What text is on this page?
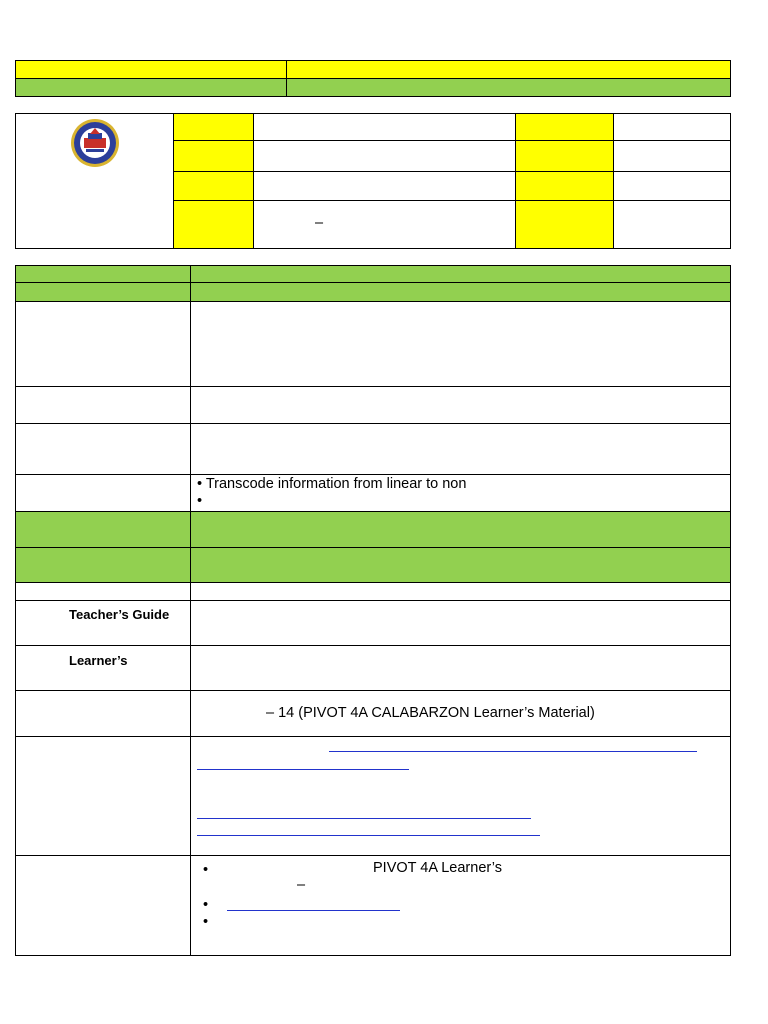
		–		

	• Transcode information from linear to non
•

Teacher’s Guide	

Learner’s	

	– 14 (PIVOT 4A CALABARZON Learner’s Material)

	• PIVOT 4A Learner’s
–
•
•
